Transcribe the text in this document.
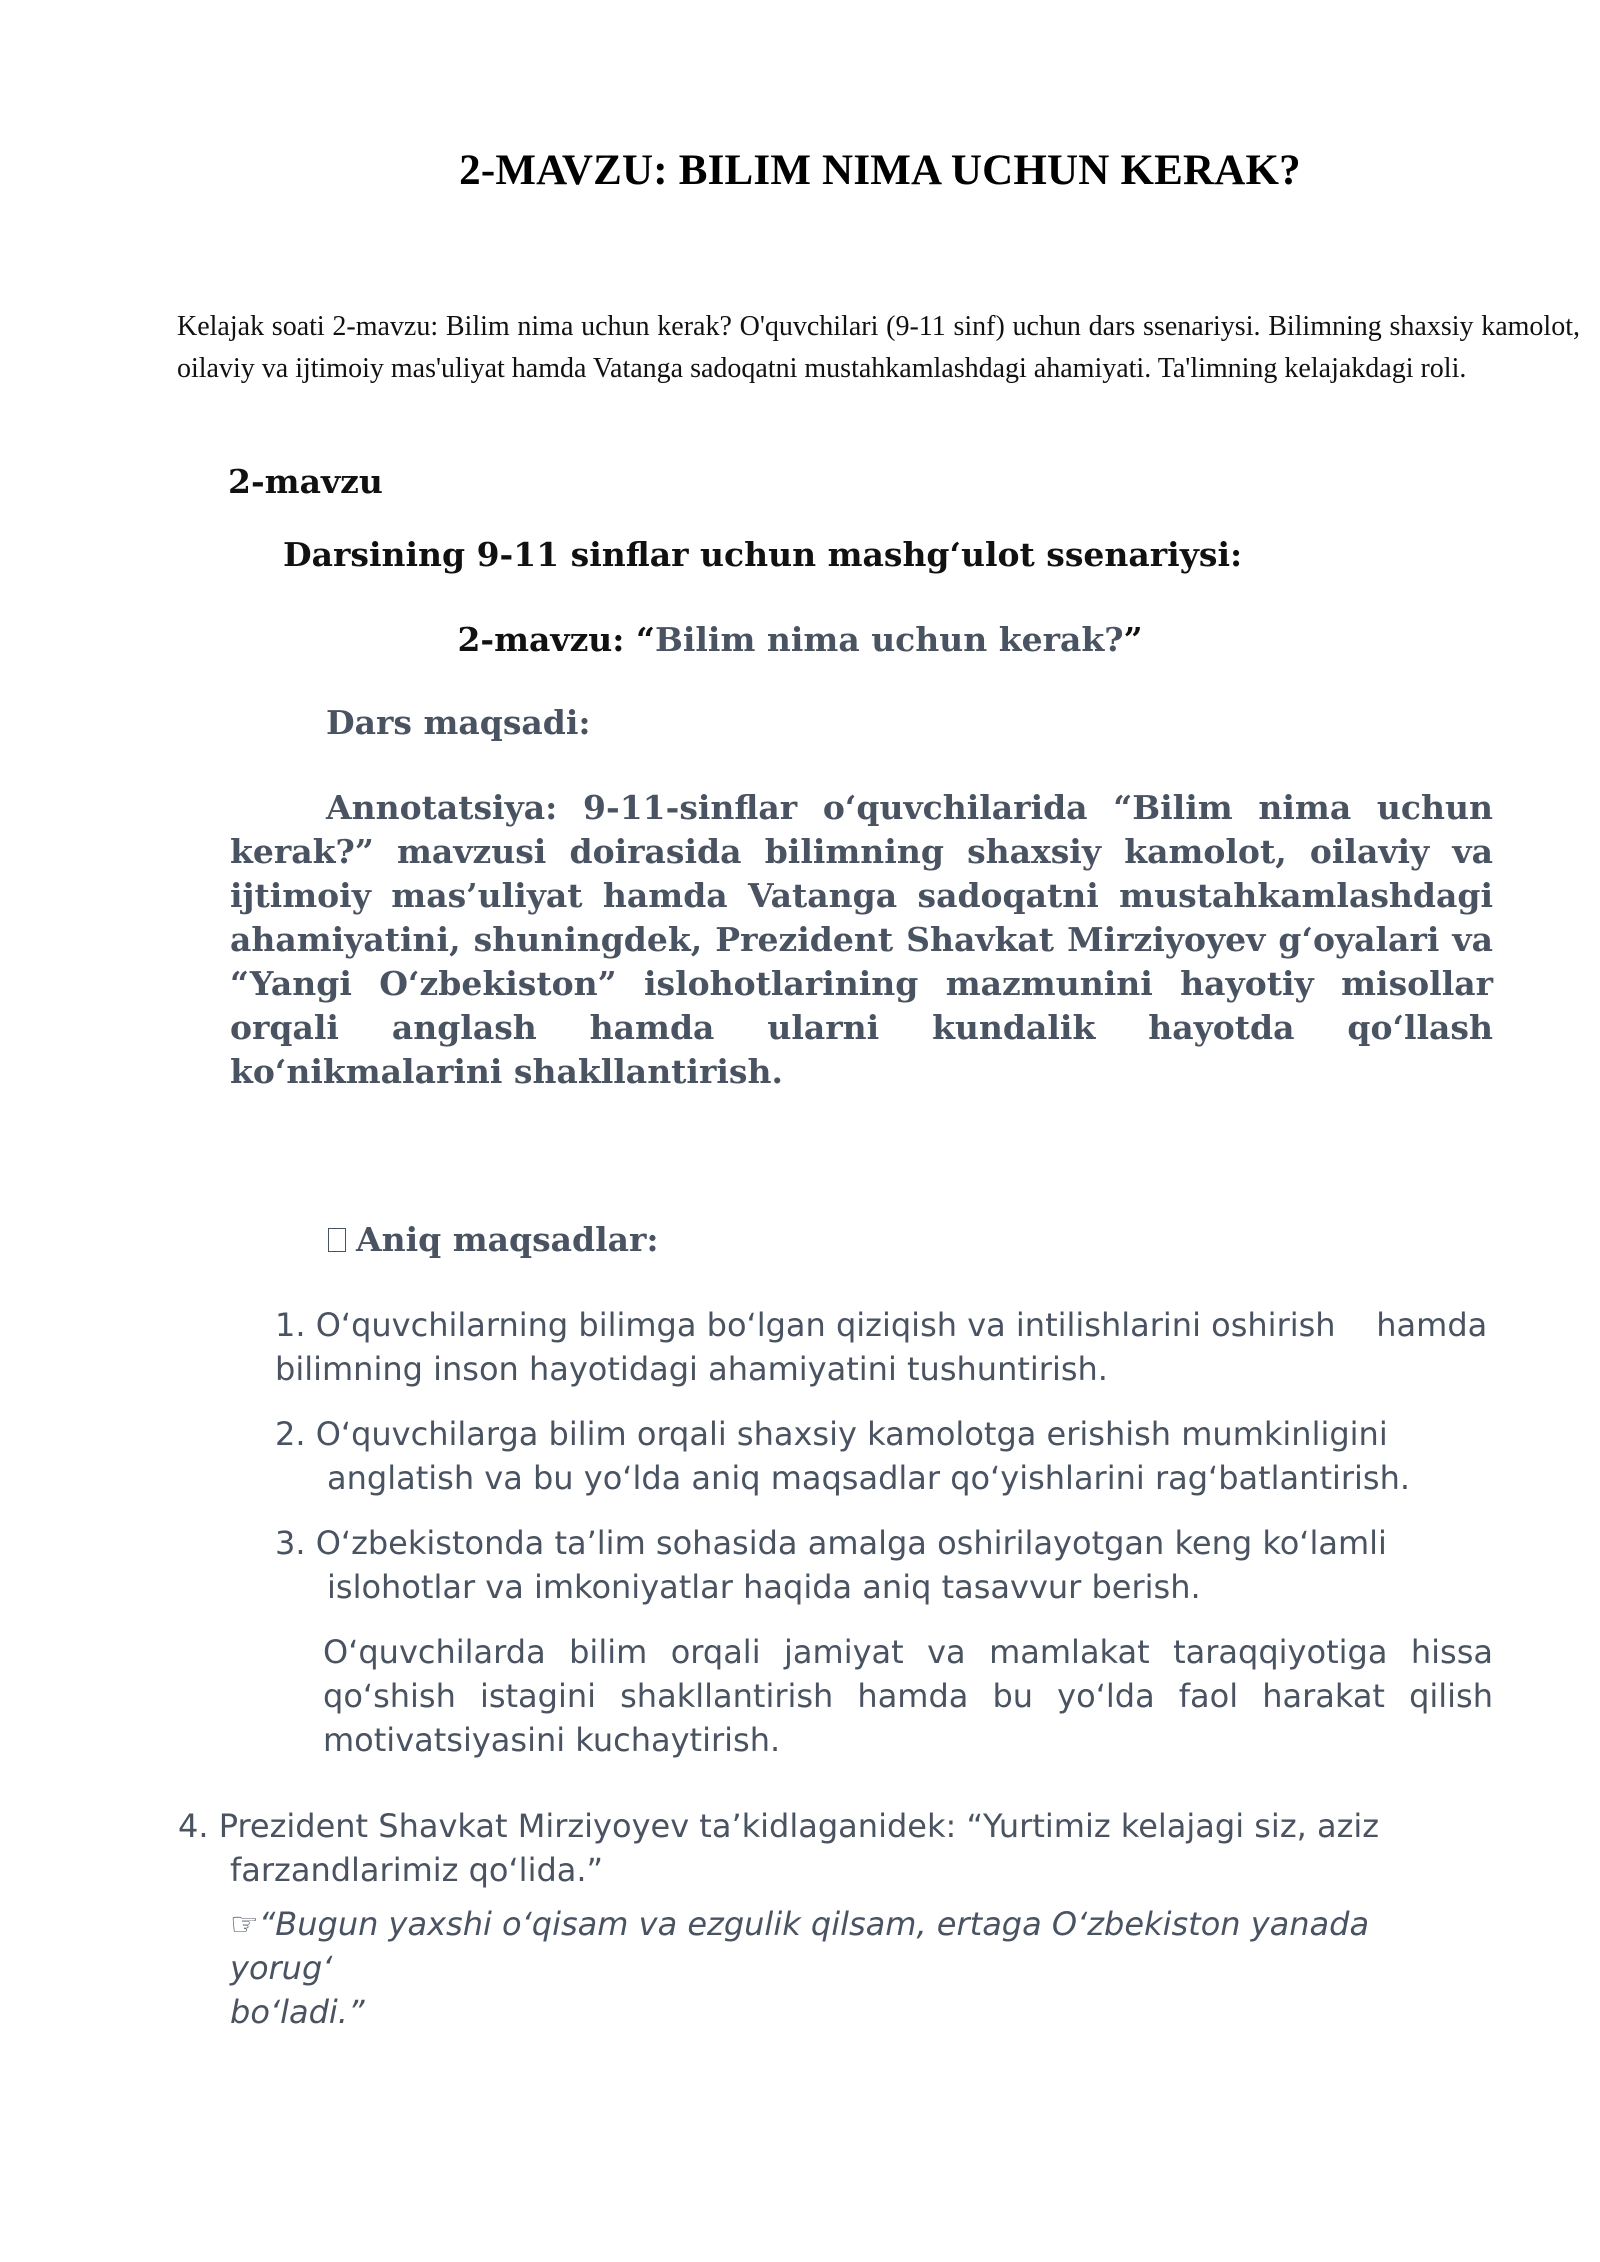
2-MAVZU: BILIM NIMA UCHUN KERAK?
Kelajak soati 2-mavzu: Bilim nima uchun kerak? O'quvchilari (9-11 sinf) uchun dars ssenariysi. Bilimning shaxsiy kamolot, oilaviy va ijtimoiy mas'uliyat hamda Vatanga sadoqatni mustahkamlashdagi ahamiyati. Ta'limning kelajakdagi roli.
2-mavzu
Darsining 9-11 sinflar uchun mashg‘ulot ssenariysi:
2-mavzu: “Bilim nima uchun kerak?”
Dars maqsadi:
Annotatsiya: 9-11-sinflar o‘quvchilarida “Bilim nima uchun kerak?” mavzusi doirasida bilimning shaxsiy kamolot, oilaviy va ijtimoiy mas’uliyat hamda Vatanga sadoqatni mustahkamlashdagi ahamiyatini, shuningdek, Prezident Shavkat Mirziyoyev g‘oyalari va “Yangi O‘zbekiston” islohotlarining mazmunini hayotiy misollar orqali anglash hamda ularni kundalik hayotda qo‘llash ko‘nikmalarini shakllantirish.
Aniq maqsadlar:
1. O‘quvchilarning bilimga bo‘lgan qiziqish va intilishlarini oshirish    hamda
bilimning inson hayotidagi ahamiyatini tushuntirish.
2. O‘quvchilarga bilim orqali shaxsiy kamolotga erishish mumkinligini
anglatish va bu yo‘lda aniq maqsadlar qo‘yishlarini rag‘batlantirish.
3. O‘zbekistonda ta’lim sohasida amalga oshirilayotgan keng ko‘lamli
islohotlar va imkoniyatlar haqida aniq tasavvur berish.
O‘quvchilarda bilim orqali jamiyat va mamlakat taraqqiyotiga hissa qo‘shish istagini shakllantirish hamda bu yo‘lda faol harakat qilish motivatsiyasini kuchaytirish.
4. Prezident Shavkat Mirziyoyev ta’kidlaganidek: “Yurtimiz kelajagi siz, aziz
farzandlarimiz qo‘lida.”
☞“Bugun yaxshi o‘qisam va ezgulik qilsam, ertaga O‘zbekiston yanada yorug‘
bo‘ladi.”
